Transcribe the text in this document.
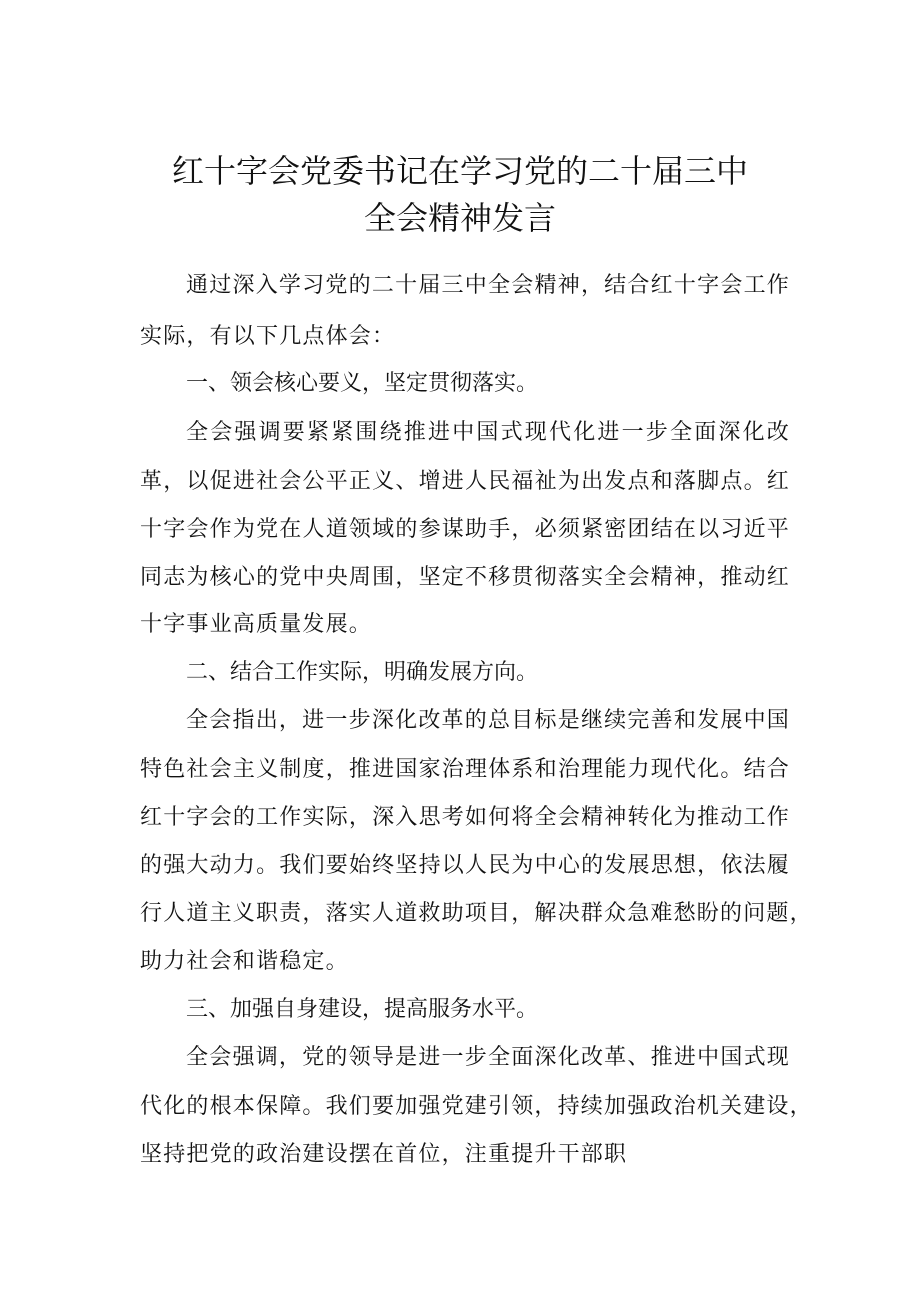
红十字会党委书记在学习党的二十届三中
全会精神发言
通过深入学习党的二十届三中全会精神，结合红十字会工作
实际，有以下几点体会：
一、领会核心要义，坚定贯彻落实。
全会强调要紧紧围绕推进中国式现代化进一步全面深化改
革，以促进社会公平正义、增进人民福祉为出发点和落脚点。红
十字会作为党在人道领域的参谋助手，必须紧密团结在以习近平
同志为核心的党中央周围，坚定不移贯彻落实全会精神，推动红
十字事业高质量发展。
二、结合工作实际，明确发展方向。
全会指出，进一步深化改革的总目标是继续完善和发展中国
特色社会主义制度，推进国家治理体系和治理能力现代化。结合
红十字会的工作实际，深入思考如何将全会精神转化为推动工作
的强大动力。我们要始终坚持以人民为中心的发展思想，依法履
行人道主义职责，落实人道救助项目，解决群众急难愁盼的问题，
助力社会和谐稳定。
三、加强自身建设，提高服务水平。
全会强调，党的领导是进一步全面深化改革、推进中国式现
代化的根本保障。我们要加强党建引领，持续加强政治机关建设，
坚持把党的政治建设摆在首位，注重提升干部职
